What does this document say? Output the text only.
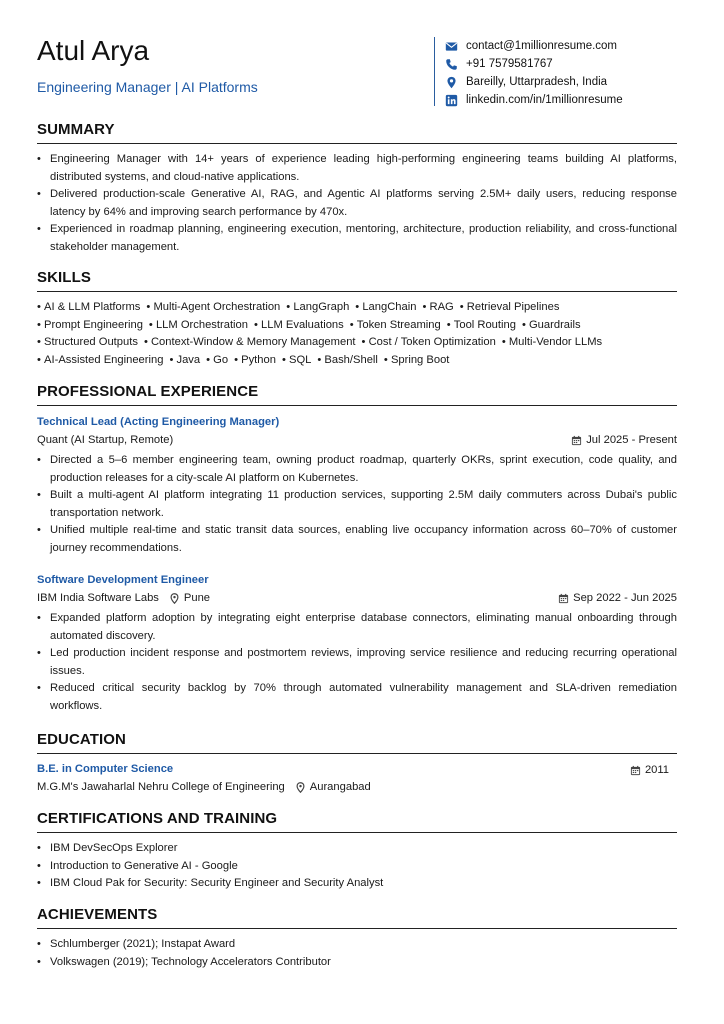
Atul Arya
Engineering Manager | AI Platforms
contact@1millionresume.com
+91 7579581767
Bareilly, Uttarpradesh, India
linkedin.com/in/1millionresume
SUMMARY
• Engineering Manager with 14+ years of experience leading high-performing engineering teams building AI platforms, distributed systems, and cloud-native applications.
• Delivered production-scale Generative AI, RAG, and Agentic AI platforms serving 2.5M+ daily users, reducing response latency by 64% and improving search performance by 470x.
• Experienced in roadmap planning, engineering execution, mentoring, architecture, production reliability, and cross-functional stakeholder management.
SKILLS
• AI & LLM Platforms • Multi-Agent Orchestration • LangGraph • LangChain • RAG • Retrieval Pipelines
• Prompt Engineering • LLM Orchestration • LLM Evaluations • Token Streaming • Tool Routing • Guardrails
• Structured Outputs • Context-Window & Memory Management • Cost / Token Optimization • Multi-Vendor LLMs
• AI-Assisted Engineering • Java • Go • Python • SQL • Bash/Shell • Spring Boot
PROFESSIONAL EXPERIENCE
Technical Lead (Acting Engineering Manager)
Quant (AI Startup, Remote)	Jul 2025 - Present
• Directed a 5–6 member engineering team, owning product roadmap, quarterly OKRs, sprint execution, code quality, and production releases for a city-scale AI platform on Kubernetes.
• Built a multi-agent AI platform integrating 11 production services, supporting 2.5M daily commuters across Dubai's public transportation network.
• Unified multiple real-time and static transit data sources, enabling live occupancy information across 60–70% of customer journey recommendations.
Software Development Engineer
IBM India Software Labs Pune	Sep 2022 - Jun 2025
• Expanded platform adoption by integrating eight enterprise database connectors, eliminating manual onboarding through automated discovery.
• Led production incident response and postmortem reviews, improving service resilience and reducing recurring operational issues.
• Reduced critical security backlog by 70% through automated vulnerability management and SLA-driven remediation workflows.
EDUCATION
B.E. in Computer Science	2011
M.G.M's Jawaharlal Nehru College of Engineering Aurangabad
CERTIFICATIONS AND TRAINING
• IBM DevSecOps Explorer
• Introduction to Generative AI - Google
• IBM Cloud Pak for Security: Security Engineer and Security Analyst
ACHIEVEMENTS
• Schlumberger (2021); Instapat Award
• Volkswagen (2019); Technology Accelerators Contributor
